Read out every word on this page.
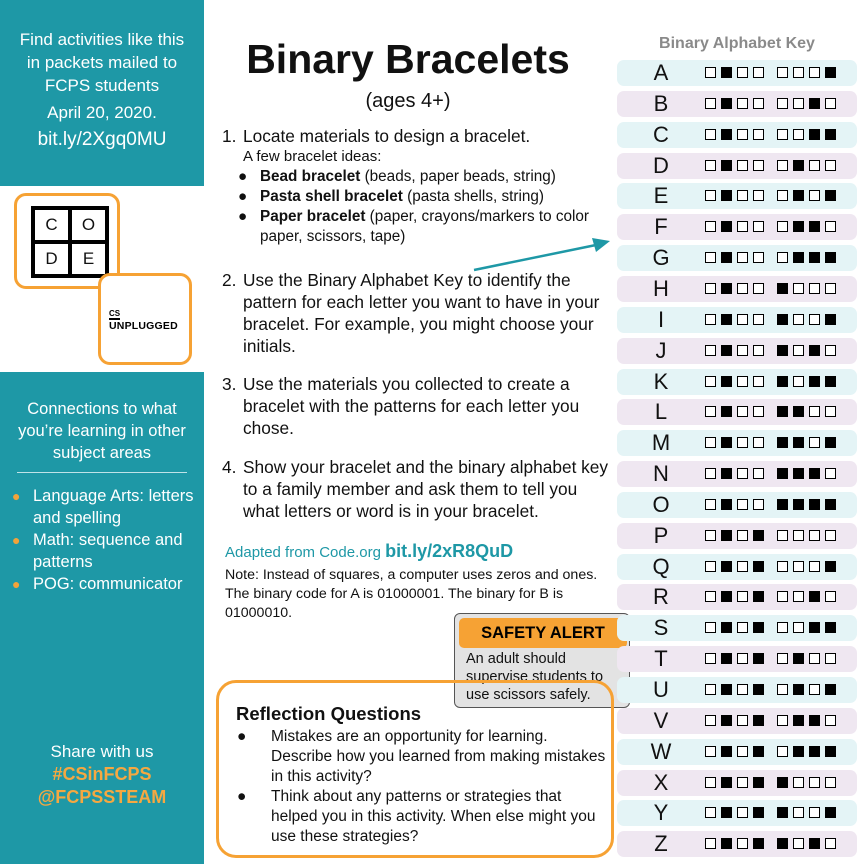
Find activities like this
in packets mailed to
FCPS students
April 20, 2020.
bit.ly/2Xgq0MU
C O
D E
CS
UNPLUGGED
Connections to what you’re learning in other subject areas
● Language Arts: letters and spelling
● Math: sequence and patterns
● POG: communicator
Share with us
#CSinFCPS
@FCPSSTEAM
Binary Bracelets
(ages 4+)
1. Locate materials to design a bracelet.
A few bracelet ideas:
● Bead bracelet (beads, paper beads, string)
● Pasta shell bracelet (pasta shells, string)
● Paper bracelet (paper, crayons/markers to color paper, scissors, tape)
2. Use the Binary Alphabet Key to identify the pattern for each letter you want to have in your bracelet. For example, you might choose your initials.
3. Use the materials you collected to create a bracelet with the patterns for each letter you chose.
4. Show your bracelet and the binary alphabet key to a family member and ask them to tell you what letters or word is in your bracelet.
Adapted from Code.org bit.ly/2xR8QuD
Note: Instead of squares, a computer uses zeros and ones. The binary code for A is 01000001. The binary for B is 01000010.
SAFETY ALERT
An adult should supervise students to use scissors safely.
Reflection Questions
● Mistakes are an opportunity for learning. Describe how you learned from making mistakes in this activity?
● Think about any patterns or strategies that helped you in this activity. When else might you use these strategies?
Binary Alphabet Key
A
B
C
D
E
F
G
H
I
J
K
L
M
N
O
P
Q
R
S
T
U
V
W
X
Y
Z
